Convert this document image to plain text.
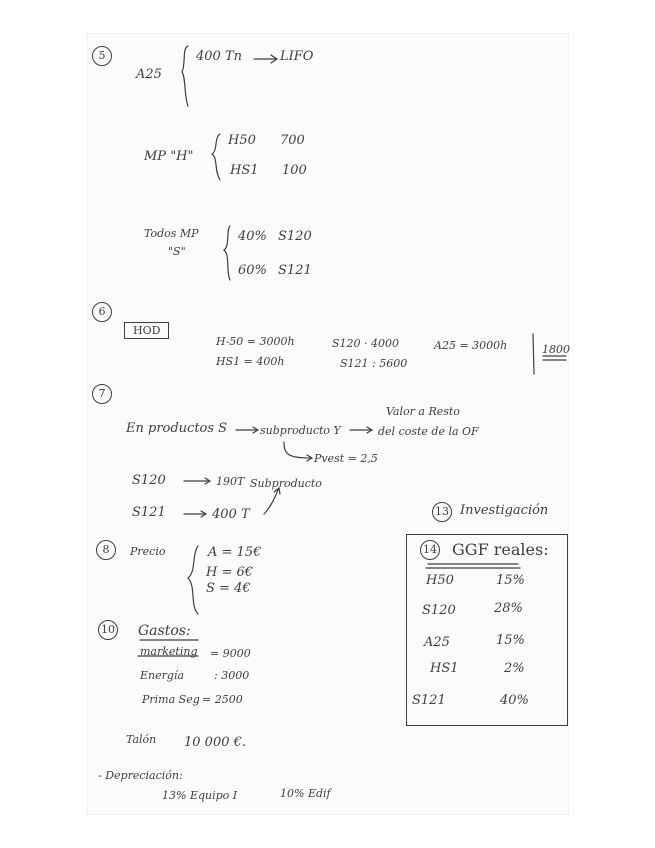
5
A25
400 Tn	LIFO
MP "H"
H50 700
HS1 100
Todos MP
"S"
40% S120
60% S121
6
HOD
H-50 = 3000h
HS1 = 400h
S120 · 4000
S121 : 5600
A25 = 3000h	1800
7
Valor a Resto
En productos S	subproducto Y	del coste de la OF
Pvest = 2,5
S120	190T Subproducto
S121	400 T	13 Investigación
14 GGF reales:
H50	15%
S120	28%
A25	15%
HS1	2%
S121	40%
8	Precio	A = 15€
H = 6€
S = 4€
10 Gastos:
marketing = 9000
Energía	: 3000
Prima Seg = 2500
Talón 10 000 €.
- Depreciación:
13% Equipo I	10% Edif
